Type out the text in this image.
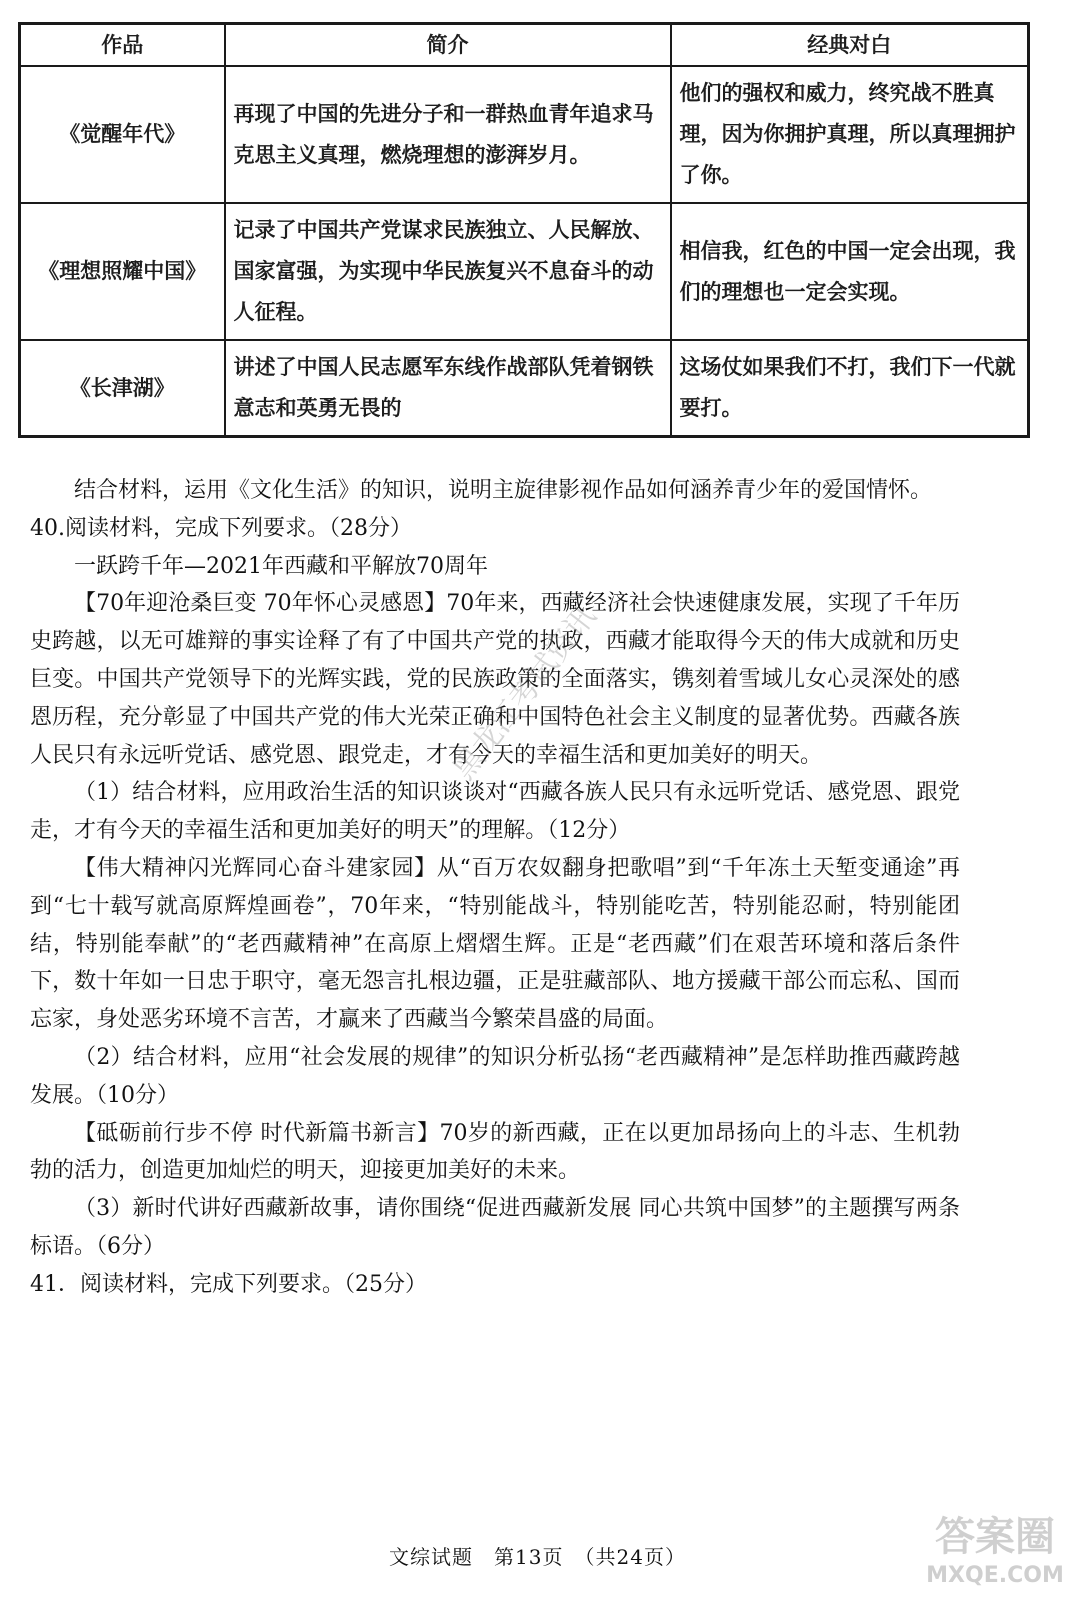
作品	简介	经典对白
《觉醒年代》	再现了中国的先进分子和一群热血青年追求马克思主义真理，燃烧理想的澎湃岁月。	他们的强权和威力，终究战不胜真理，因为你拥护真理，所以真理拥护了你。
《理想照耀中国》	记录了中国共产党谋求民族独立、人民解放、国家富强，为实现中华民族复兴不息奋斗的动人征程。	相信我，红色的中国一定会出现，我们的理想也一定会实现。
《长津湖》	讲述了中国人民志愿军东线作战部队凭着钢铁意志和英勇无畏的	这场仗如果我们不打，我们下一代就要打。

结合材料，运用《文化生活》的知识，说明主旋律影视作品如何涵养青少年的爱国情怀。

40.阅读材料，完成下列要求。（28分）

一跃跨千年—2021年西藏和平解放70周年

【70年迎沧桑巨变 70年怀心灵感恩】70年来，西藏经济社会快速健康发展，实现了千年历史跨越，以无可雄辩的事实诠释了有了中国共产党的执政，西藏才能取得今天的伟大成就和历史巨变。中国共产党领导下的光辉实践，党的民族政策的全面落实，镌刻着雪域儿女心灵深处的感恩历程，充分彰显了中国共产党的伟大光荣正确和中国特色社会主义制度的显著优势。西藏各族人民只有永远听党话、感党恩、跟党走，才有今天的幸福生活和更加美好的明天。

（1）结合材料，应用政治生活的知识谈谈对“西藏各族人民只有永远听党话、感党恩、跟党走，才有今天的幸福生活和更加美好的明天”的理解。（12分）

【伟大精神闪光辉同心奋斗建家园】从“百万农奴翻身把歌唱”到“千年冻土天堑变通途”再到“七十载写就高原辉煌画卷”，70年来，“特别能战斗，特别能吃苦，特别能忍耐，特别能团结，特别能奉献”的“老西藏精神”在高原上熠熠生辉。正是“老西藏”们在艰苦环境和落后条件下，数十年如一日忠于职守，毫无怨言扎根边疆，正是驻藏部队、地方援藏干部公而忘私、国而忘家，身处恶劣环境不言苦，才赢来了西藏当今繁荣昌盛的局面。

（2）结合材料，应用“社会发展的规律”的知识分析弘扬“老西藏精神”是怎样助推西藏跨越发展。（10分）

【砥砺前行步不停 时代新篇书新言】70岁的新西藏，正在以更加昂扬向上的斗志、生机勃勃的活力，创造更加灿烂的明天，迎接更加美好的未来。

（3）新时代讲好西藏新故事，请你围绕“促进西藏新发展 同心共筑中国梦”的主题撰写两条标语。（6分）

41．阅读材料，完成下列要求。（25分）

黑龙江考试资讯
答案圈
MXQE.COM
文综试题　第13页　（共24页）
